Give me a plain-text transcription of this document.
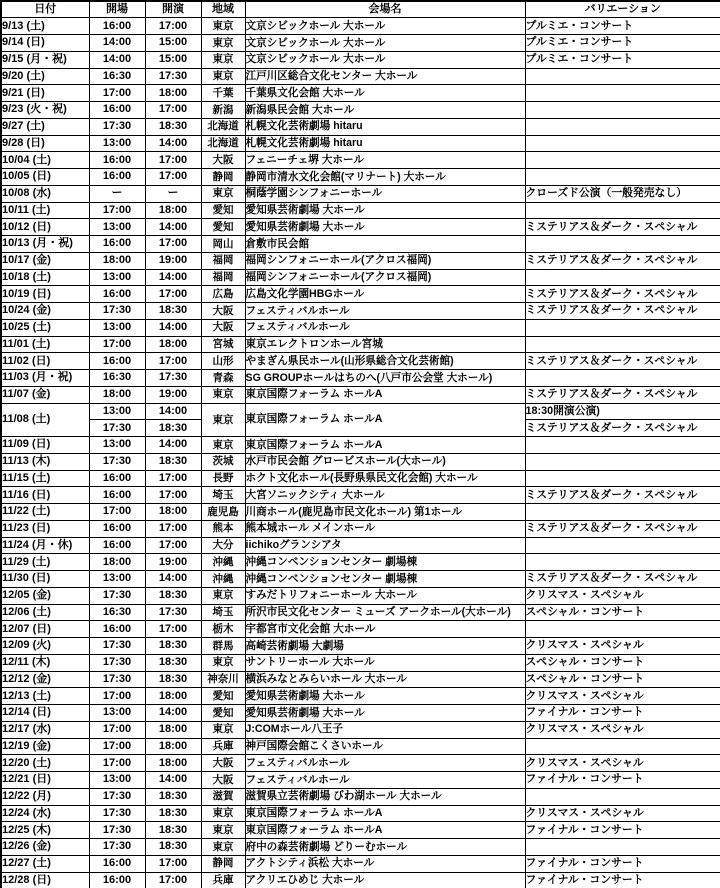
日付	開場	開演	地域	会場名	バリエーション
9/13 (土)	16:00	17:00	東京	文京シビックホール 大ホール	プルミエ・コンサート
9/14 (日)	14:00	15:00	東京	文京シビックホール 大ホール	プルミエ・コンサート
9/15 (月・祝)	14:00	15:00	東京	文京シビックホール 大ホール	プルミエ・コンサート
9/20 (土)	16:30	17:30	東京	江戸川区総合文化センター 大ホール	
9/21 (日)	17:00	18:00	千葉	千葉県文化会館 大ホール	
9/23 (火・祝)	16:00	17:00	新潟	新潟県民会館 大ホール	
9/27 (土)	17:30	18:30	北海道	札幌文化芸術劇場 hitaru	
9/28 (日)	13:00	14:00	北海道	札幌文化芸術劇場 hitaru	
10/04 (土)	16:00	17:00	大阪	フェニーチェ堺 大ホール	
10/05 (日)	16:00	17:00	静岡	静岡市清水文化会館(マリナート) 大ホール	
10/08 (水)	ー	ー	東京	桐蔭学園シンフォニーホール	クローズド公演（一般発売なし）
10/11 (土)	17:00	18:00	愛知	愛知県芸術劇場 大ホール	
10/12 (日)	13:00	14:00	愛知	愛知県芸術劇場 大ホール	ミステリアス＆ダーク・スペシャル
10/13 (月・祝)	16:00	17:00	岡山	倉敷市民会館	
10/17 (金)	18:00	19:00	福岡	福岡シンフォニーホール(アクロス福岡)	ミステリアス＆ダーク・スペシャル
10/18 (土)	13:00	14:00	福岡	福岡シンフォニーホール(アクロス福岡)	
10/19 (日)	16:00	17:00	広島	広島文化学園HBGホール	ミステリアス＆ダーク・スペシャル
10/24 (金)	17:30	18:30	大阪	フェスティバルホール	ミステリアス＆ダーク・スペシャル
10/25 (土)	13:00	14:00	大阪	フェスティバルホール	
11/01 (土)	17:00	18:00	宮城	東京エレクトロンホール宮城	
11/02 (日)	16:00	17:00	山形	やまぎん県民ホール(山形県総合文化芸術館)	ミステリアス＆ダーク・スペシャル
11/03 (月・祝)	16:30	17:30	青森	SG GROUPホールはちのへ(八戸市公会堂 大ホール)	
11/07 (金)	18:00	19:00	東京	東京国際フォーラム ホールA	ミステリアス＆ダーク・スペシャル
11/08 (土)	13:00	14:00	東京	東京国際フォーラム ホールA	18:30開演公演)
	17:30	18:30			ミステリアス＆ダーク・スペシャル
11/09 (日)	13:00	14:00	東京	東京国際フォーラム ホールA	
11/13 (木)	17:30	18:30	茨城	水戸市民会館 グロービスホール(大ホール)	
11/15 (土)	16:00	17:00	長野	ホクト文化ホール(長野県県民文化会館) 大ホール	
11/16 (日)	16:00	17:00	埼玉	大宮ソニックシティ 大ホール	ミステリアス＆ダーク・スペシャル
11/22 (土)	17:00	18:00	鹿児島	川商ホール(鹿児島市民文化ホール) 第1ホール	
11/23 (日)	16:00	17:00	熊本	熊本城ホール メインホール	ミステリアス＆ダーク・スペシャル
11/24 (月・休)	16:00	17:00	大分	iichikoグランシアタ	
11/29 (土)	18:00	19:00	沖縄	沖縄コンベンションセンター 劇場棟	
11/30 (日)	13:00	14:00	沖縄	沖縄コンベンションセンター 劇場棟	ミステリアス＆ダーク・スペシャル
12/05 (金)	17:30	18:30	東京	すみだトリフォニーホール 大ホール	クリスマス・スペシャル
12/06 (土)	16:30	17:30	埼玉	所沢市民文化センター ミューズ アークホール(大ホール)	スペシャル・コンサート
12/07 (日)	16:00	17:00	栃木	宇都宮市文化会館 大ホール	
12/09 (火)	17:30	18:30	群馬	高崎芸術劇場 大劇場	クリスマス・スペシャル
12/11 (木)	17:30	18:30	東京	サントリーホール 大ホール	スペシャル・コンサート
12/12 (金)	17:30	18:30	神奈川	横浜みなとみらいホール 大ホール	スペシャル・コンサート
12/13 (土)	17:00	18:00	愛知	愛知県芸術劇場 大ホール	クリスマス・スペシャル
12/14 (日)	13:00	14:00	愛知	愛知県芸術劇場 大ホール	ファイナル・コンサート
12/17 (水)	17:00	18:00	東京	J:COMホール八王子	クリスマス・スペシャル
12/19 (金)	17:00	18:00	兵庫	神戸国際会館こくさいホール	
12/20 (土)	17:00	18:00	大阪	フェスティバルホール	クリスマス・スペシャル
12/21 (日)	13:00	14:00	大阪	フェスティバルホール	ファイナル・コンサート
12/22 (月)	17:30	18:30	滋賀	滋賀県立芸術劇場 びわ湖ホール 大ホール	
12/24 (水)	17:30	18:30	東京	東京国際フォーラム ホールA	クリスマス・スペシャル
12/25 (木)	17:30	18:30	東京	東京国際フォーラム ホールA	ファイナル・コンサート
12/26 (金)	17:30	18:30	東京	府中の森芸術劇場 どりーむホール	
12/27 (土)	16:00	17:00	静岡	アクトシティ浜松 大ホール	ファイナル・コンサート
12/28 (日)	16:00	17:00	兵庫	アクリエひめじ 大ホール	ファイナル・コンサート
